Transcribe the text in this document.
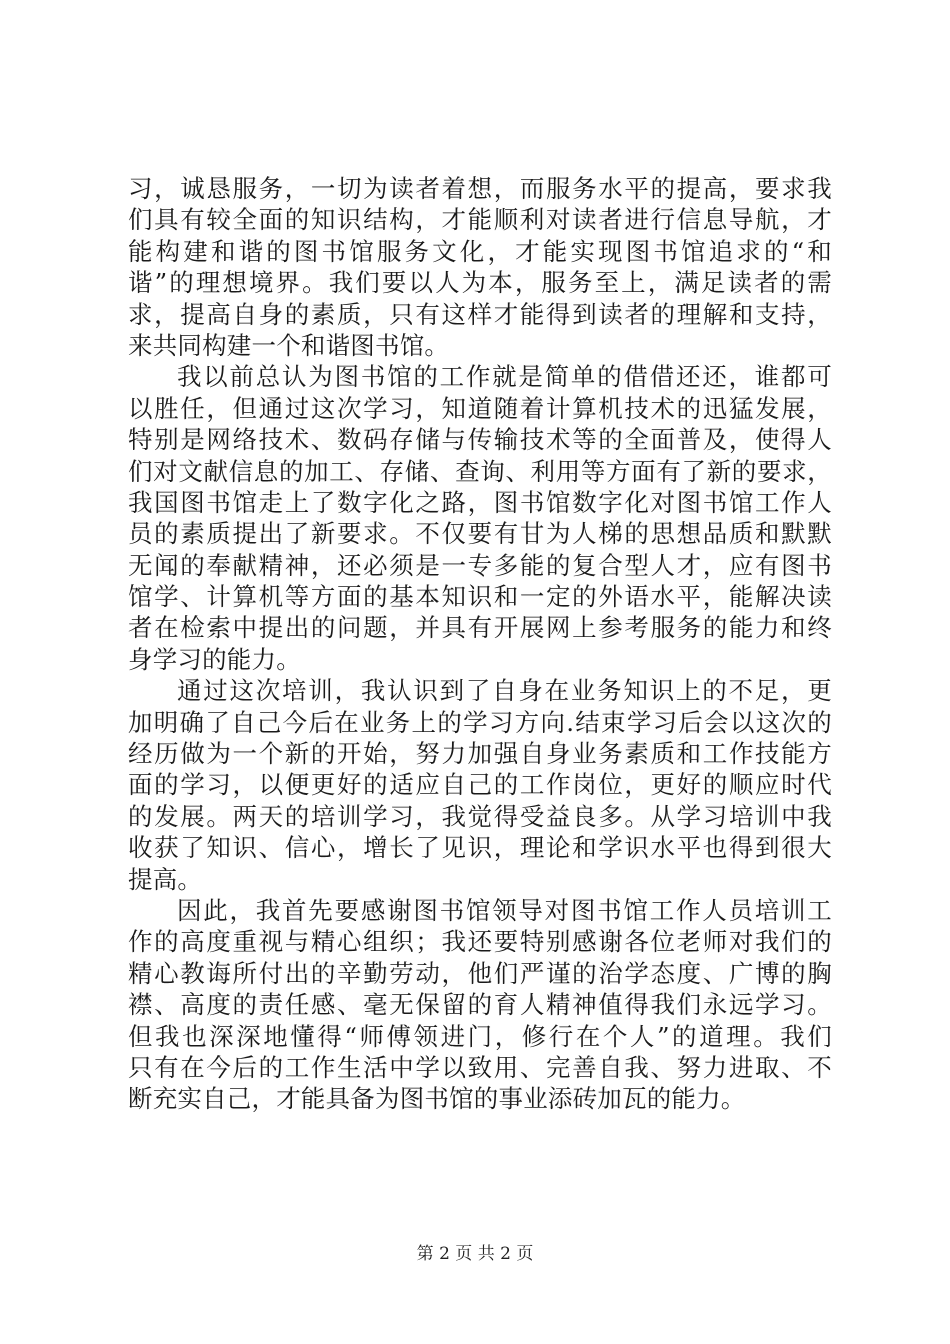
习，诚恳服务，一切为读者着想，而服务水平的提高，要求我
们具有较全面的知识结构，才能顺利对读者进行信息导航，才
能构建和谐的图书馆服务文化，才能实现图书馆追求的“和
谐”的理想境界。我们要以人为本，服务至上，满足读者的需
求，提高自身的素质，只有这样才能得到读者的理解和支持，
来共同构建一个和谐图书馆。
我以前总认为图书馆的工作就是简单的借借还还，谁都可
以胜任，但通过这次学习，知道随着计算机技术的迅猛发展，
特别是网络技术、数码存储与传输技术等的全面普及，使得人
们对文献信息的加工、存储、查询、利用等方面有了新的要求，
我国图书馆走上了数字化之路，图书馆数字化对图书馆工作人
员的素质提出了新要求。不仅要有甘为人梯的思想品质和默默
无闻的奉献精神，还必须是一专多能的复合型人才，应有图书
馆学、计算机等方面的基本知识和一定的外语水平，能解决读
者在检索中提出的问题，并具有开展网上参考服务的能力和终
身学习的能力。
通过这次培训，我认识到了自身在业务知识上的不足，更
加明确了自己今后在业务上的学习方向.结束学习后会以这次的
经历做为一个新的开始，努力加强自身业务素质和工作技能方
面的学习，以便更好的适应自己的工作岗位，更好的顺应时代
的发展。两天的培训学习，我觉得受益良多。从学习培训中我
收获了知识、信心，增长了见识，理论和学识水平也得到很大
提高。
因此，我首先要感谢图书馆领导对图书馆工作人员培训工
作的高度重视与精心组织；我还要特别感谢各位老师对我们的
精心教诲所付出的辛勤劳动，他们严谨的治学态度、广博的胸
襟、高度的责任感、毫无保留的育人精神值得我们永远学习。
但我也深深地懂得“师傅领进门，修行在个人”的道理。我们
只有在今后的工作生活中学以致用、完善自我、努力进取、不
断充实自己，才能具备为图书馆的事业添砖加瓦的能力。
第 2 页 共 2 页
